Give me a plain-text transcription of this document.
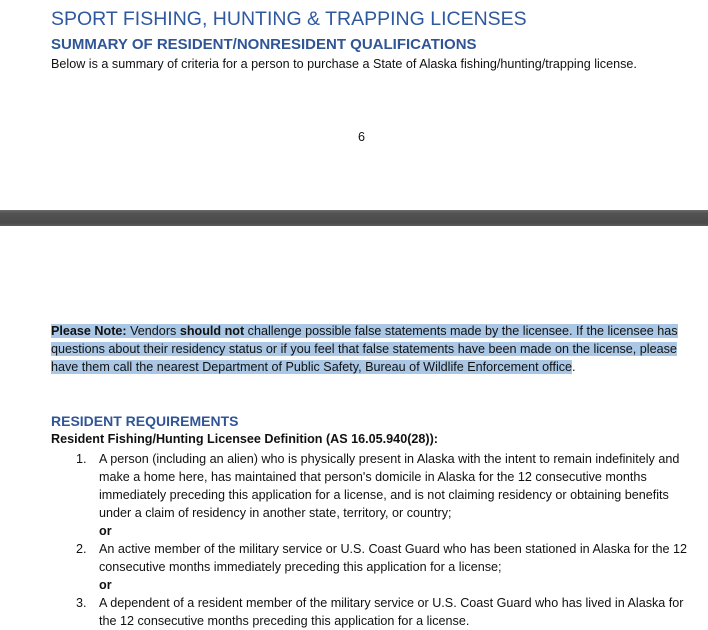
SPORT FISHING, HUNTING & TRAPPING LICENSES
SUMMARY OF RESIDENT/NONRESIDENT QUALIFICATIONS

Below is a summary of criteria for a person to purchase a State of Alaska fishing/hunting/trapping license.

6

Please Note: Vendors should not challenge possible false statements made by the licensee. If the licensee has questions about their residency status or if you feel that false statements have been made on the license, please have them call the nearest Department of Public Safety, Bureau of Wildlife Enforcement office.

RESIDENT REQUIREMENTS
Resident Fishing/Hunting Licensee Definition (AS 16.05.940(28)):
1. A person (including an alien) who is physically present in Alaska with the intent to remain indefinitely and make a home here, has maintained that person's domicile in Alaska for the 12 consecutive months immediately preceding this application for a license, and is not claiming residency or obtaining benefits under a claim of residency in another state, territory, or country;
or
2. An active member of the military service or U.S. Coast Guard who has been stationed in Alaska for the 12 consecutive months immediately preceding this application for a license;
or
3. A dependent of a resident member of the military service or U.S. Coast Guard who has lived in Alaska for the 12 consecutive months preceding this application for a license.
